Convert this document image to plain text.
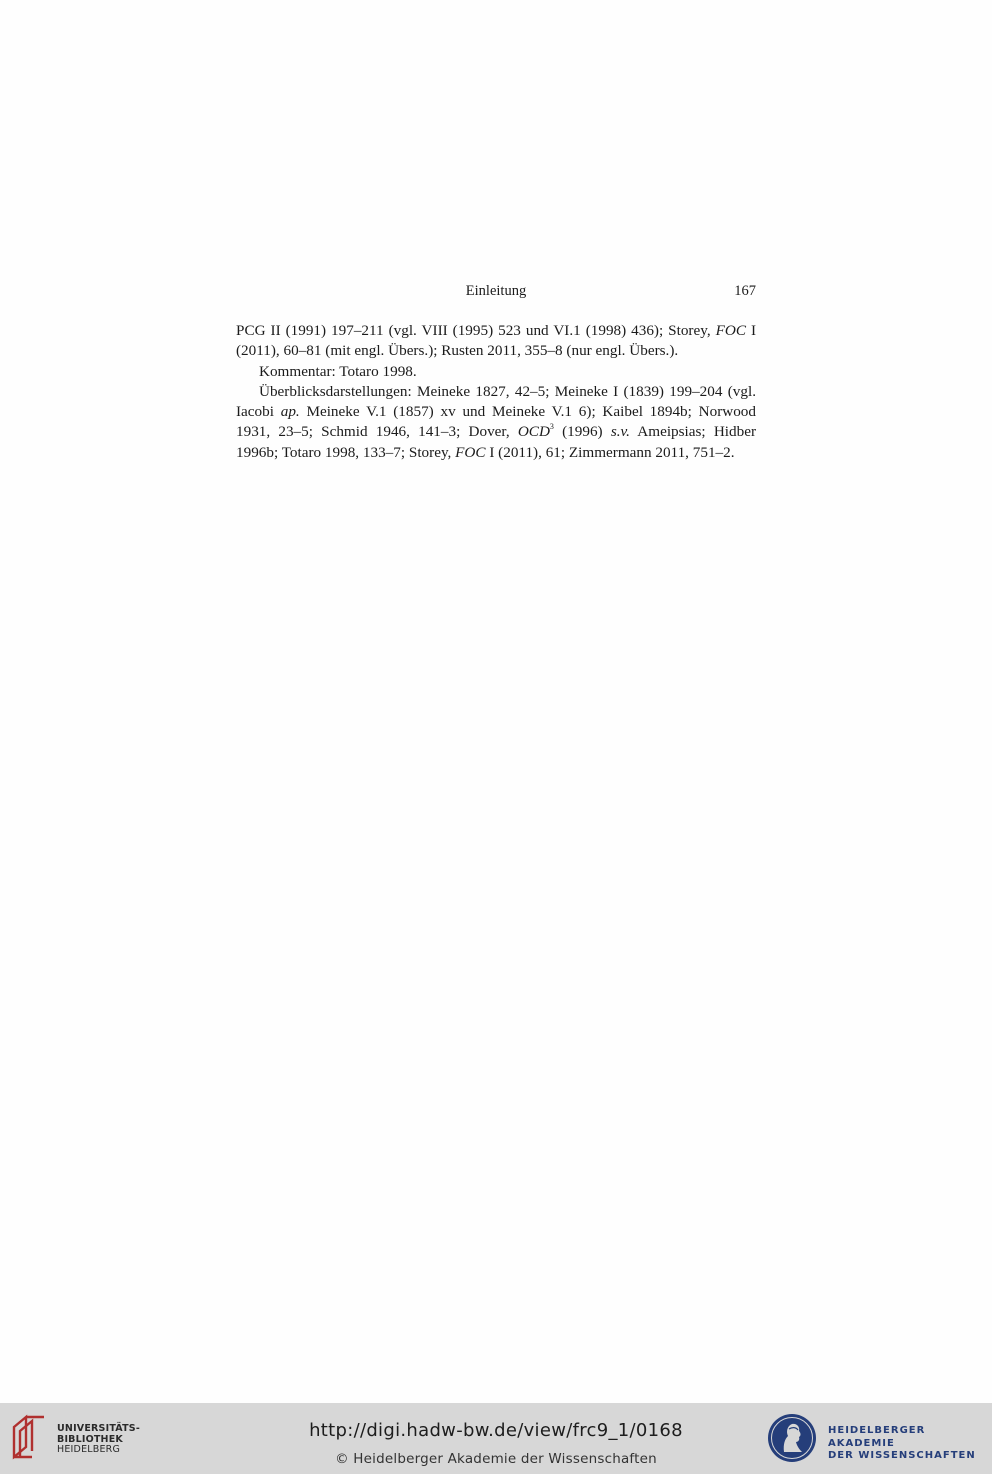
Einleitung	167

PCG II (1991) 197–211 (vgl. VIII (1995) 523 und VI.1 (1998) 436); Storey, FOC I (2011), 60–81 (mit engl. Übers.); Rusten 2011, 355–8 (nur engl. Übers.).

Kommentar: Totaro 1998.

Überblicksdarstellungen: Meineke 1827, 42–5; Meineke I (1839) 199–204 (vgl. Iacobi ap. Meineke V.1 (1857) xv und Meineke V.1 6); Kaibel 1894b; Norwood 1931, 23–5; Schmid 1946, 141–3; Dover, OCD$^3$ (1996) s.v. Ameipsias; Hidber 1996b; Totaro 1998, 133–7; Storey, FOC I (2011), 61; Zimmermann 2011, 751–2.

UNIVERSITÄTS-
BIBLIOTHEK
HEIDELBERG
http://digi.hadw-bw.de/view/frc9_1/0168
© Heidelberger Akademie der Wissenschaften
HEIDELBERGER AKADEMIE
DER WISSENSCHAFTEN
